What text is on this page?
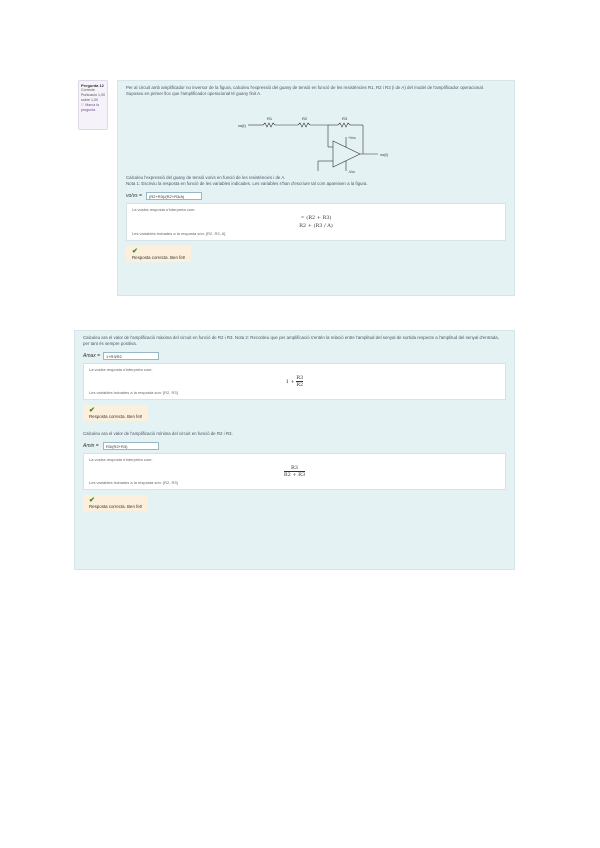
Pregunta 12
Correcte
Puntuació 1,00 sobre 1,00
⚐ Marca la pregunta

Per al circuit amb amplificador no inversor de la figura, calculeu l'expressió del guany de tensió en funció de les resistències R1, R2 i R3 (i de A) del model de l'amplificador operacional.

Suposeu en primer lloc que l'amplificador operacional té guany finit A.

vs(t)
R1	R2	R3
vo(t)
+Vcc
-Vcc

Calculeu l'expressió del guany de tensió vo/vs en funció de les resistències i de A.

Nota 1: Escriviu la resposta en funció de les variables indicades. Les variables s'han d'escriure tal com apareixen a la figura.

vo/vs =	(R2+R3)/(R2+R3/A)
La vostra resposta s'interpreta com:
= (R2 + R3)
R2 + (R3 / A)
Les variables trobades a la resposta són: [R2, R3, A]
✔
Resposta correcta. Ben fet!

Calculeu ara el valor de l'amplificació màxima del circuit en funció de R2 i R3. Nota 2: Recordeu que per amplificació s'entén la relació entre l'amplitud del senyal de sortida respecte a l'amplitud del senyal d'entrada, per tant és sempre positiva.

Amax =	1+R3/R2
La vostra resposta s'interpreta com:
$1 + \frac{R3}{R2}$
Les variables trobades a la resposta són: [R2, R3]
✔
Resposta correcta. Ben fet!

Calculeu ara el valor de l'amplificació mínima del circuit en funció de R2 i R3.

Amin =	R3/(R2+R3)
La vostra resposta s'interpreta com:
$\frac{R3}{R2 + R3}$
Les variables trobades a la resposta són: [R2, R3]
✔
Resposta correcta. Ben fet!
